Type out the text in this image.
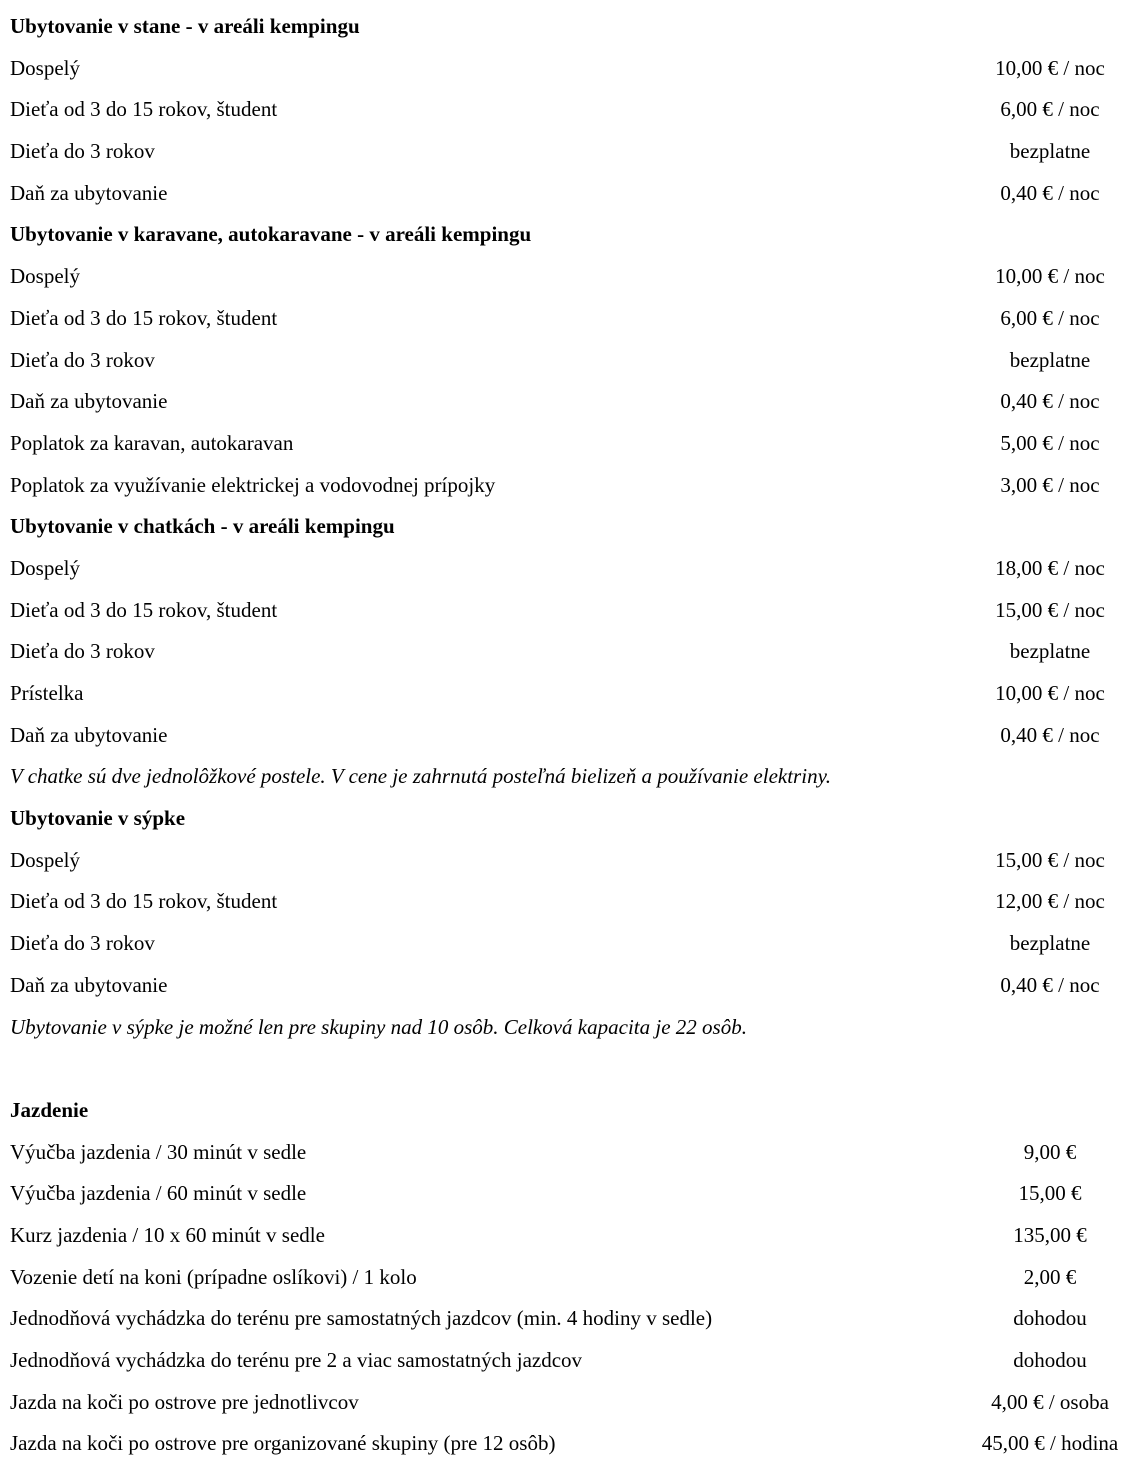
Ubytovanie v stane - v areáli kempingu
Dospelý	10,00 € / noc
Dieťa od 3 do 15 rokov, študent	6,00 € / noc
Dieťa do 3 rokov	bezplatne
Daň za ubytovanie	0,40 € / noc
Ubytovanie v karavane, autokaravane - v areáli kempingu
Dospelý	10,00 € / noc
Dieťa od 3 do 15 rokov, študent	6,00 € / noc
Dieťa do 3 rokov	bezplatne
Daň za ubytovanie	0,40 € / noc
Poplatok za karavan, autokaravan	5,00 € / noc
Poplatok za využívanie elektrickej a vodovodnej prípojky	3,00 € / noc
Ubytovanie v chatkách - v areáli kempingu
Dospelý	18,00 € / noc
Dieťa od 3 do 15 rokov, študent	15,00 € / noc
Dieťa do 3 rokov	bezplatne
Prístelka	10,00 € / noc
Daň za ubytovanie	0,40 € / noc
V chatke sú dve jednolôžkové postele. V cene je zahrnutá posteľná bielizeň a používanie elektriny.
Ubytovanie v sýpke
Dospelý	15,00 € / noc
Dieťa od 3 do 15 rokov, študent	12,00 € / noc
Dieťa do 3 rokov	bezplatne
Daň za ubytovanie	0,40 € / noc
Ubytovanie v sýpke je možné len pre skupiny nad 10 osôb. Celková kapacita je 22 osôb.
Jazdenie
Výučba jazdenia / 30 minút v sedle	9,00 €
Výučba jazdenia / 60 minút v sedle	15,00 €
Kurz jazdenia / 10 x 60 minút v sedle	135,00 €
Vozenie detí na koni (prípadne oslíkovi) / 1 kolo	2,00 €
Jednodňová vychádzka do terénu pre samostatných jazdcov (min. 4 hodiny v sedle)	dohodou
Jednodňová vychádzka do terénu pre 2 a viac samostatných jazdcov	dohodou
Jazda na koči po ostrove pre jednotlivcov	4,00 € / osoba
Jazda na koči po ostrove pre organizované skupiny (pre 12 osôb)	45,00 € / hodina
